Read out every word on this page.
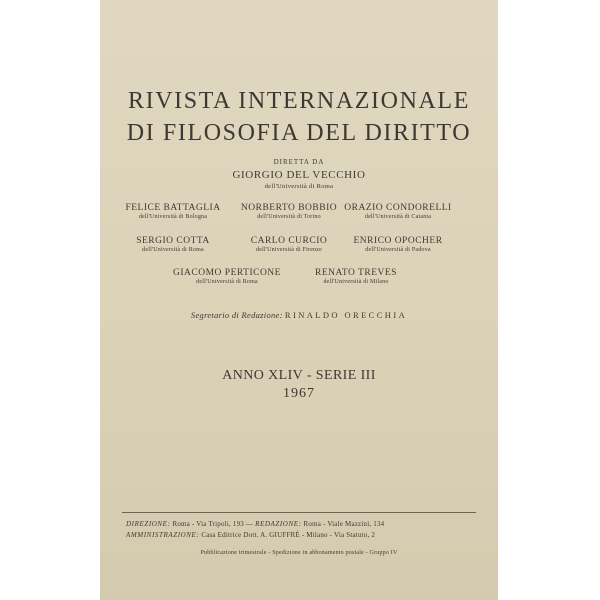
RIVISTA INTERNAZIONALE
DI FILOSOFIA DEL DIRITTO
DIRETTA DA
GIORGIO DEL VECCHIO
dell'Università di Roma
FELICE BATTAGLIA
dell'Università di Bologna
NORBERTO BOBBIO
dell'Università di Torino
ORAZIO CONDORELLI
dell'Università di Catania
SERGIO COTTA
dell'Università di Roma
CARLO CURCIO
dell'Università di Firenze
ENRICO OPOCHER
dell'Università di Padova
GIACOMO PERTICONE
dell'Università di Roma
RENATO TREVES
dell'Università di Milano
Segretario di Redazione: RINALDO ORECCHIA
ANNO XLIV - SERIE III
1967
DIREZIONE: Roma - Via Tripoli, 193 — REDAZIONE: Roma - Viale Mazzini, 134
AMMINISTRAZIONE: Casa Editrice Dott. A. GIUFFRÈ - Milano - Via Statuto, 2
Pubblicazione trimestrale - Spedizione in abbonamento postale - Gruppo IV
